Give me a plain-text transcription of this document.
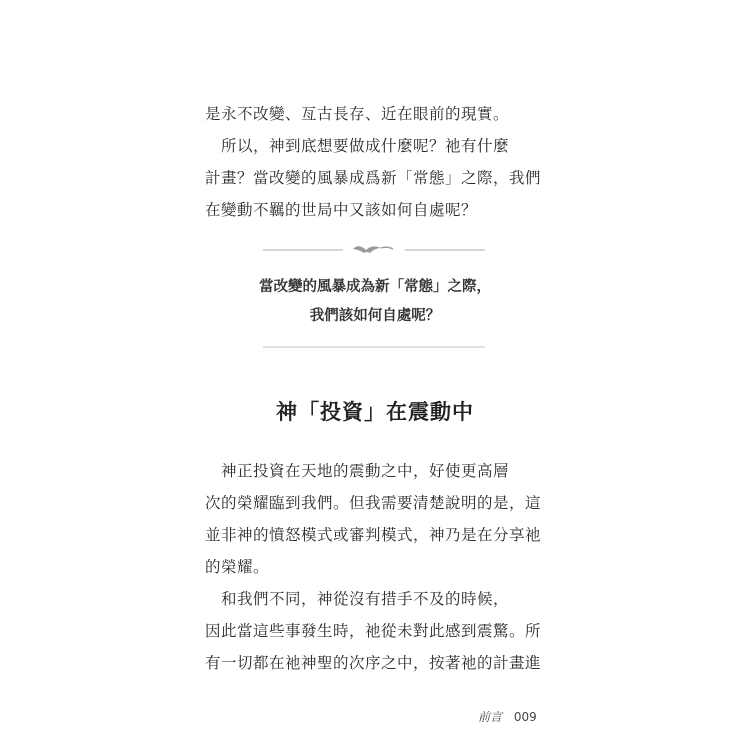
是永不改變、亙古長存、近在眼前的現實。
　所以，神到底想要做成什麼呢？祂有什麼
計畫？當改變的風暴成爲新「常態」之際，我們
在變動不羈的世局中又該如何自處呢？
當改變的風暴成為新「常態」之際，
我們該如何自處呢？
神「投資」在震動中
　神正投資在天地的震動之中，好使更高層
次的榮耀臨到我們。但我需要清楚說明的是，這
並非神的憤怒模式或審判模式，神乃是在分享祂
的榮耀。
　和我們不同，神從沒有措手不及的時候，
因此當這些事發生時，祂從未對此感到震驚。所
有一切都在祂神聖的次序之中，按著祂的計畫進
前言 009
